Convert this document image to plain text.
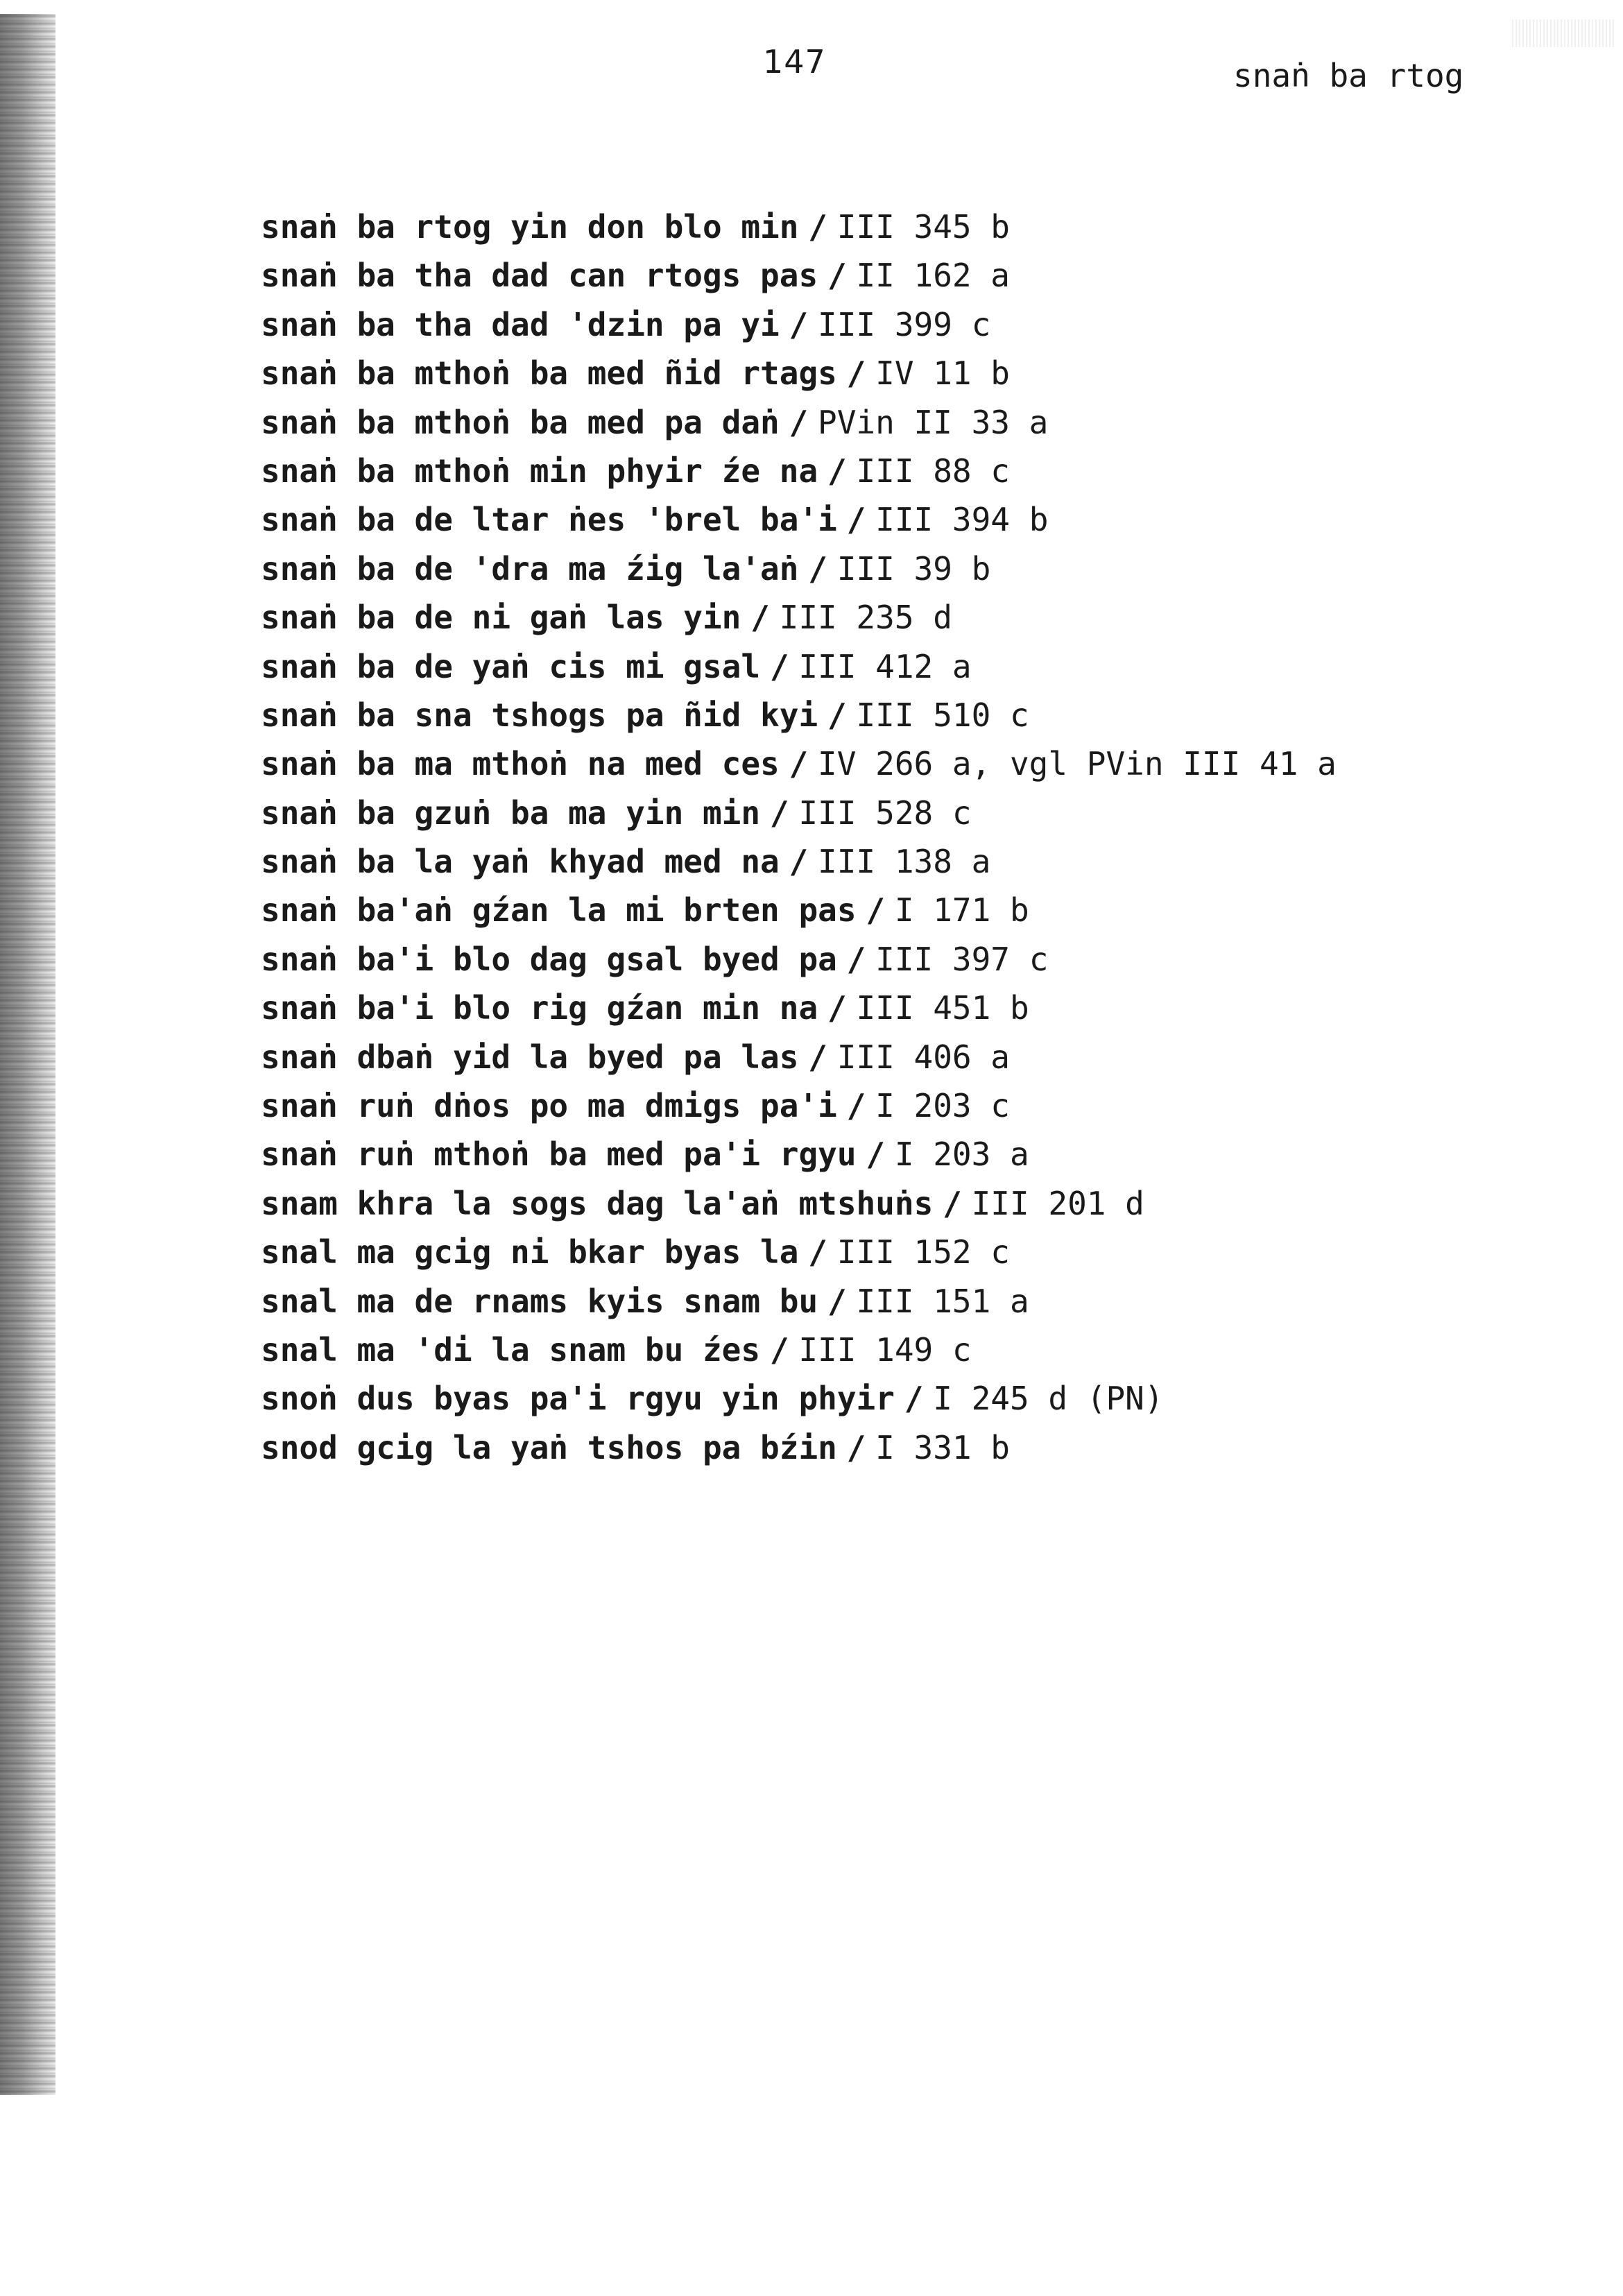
147	snaṅ ba rtog
snaṅ ba rtog yin don blo min / III 345 b
snaṅ ba tha dad can rtogs pas / II 162 a
snaṅ ba tha dad 'dzin pa yi / III 399 c
snaṅ ba mthoṅ ba med ñid rtags / IV 11 b
snaṅ ba mthoṅ ba med pa daṅ / PVin II 33 a
snaṅ ba mthoṅ min phyir źe na / III 88 c
snaṅ ba de ltar ṅes 'brel ba'i / III 394 b
snaṅ ba de 'dra ma źig la'aṅ / III 39 b
snaṅ ba de ni gaṅ las yin / III 235 d
snaṅ ba de yaṅ cis mi gsal / III 412 a
snaṅ ba sna tshogs pa ñid kyi / III 510 c
snaṅ ba ma mthoṅ na med ces / IV 266 a, vgl PVin III 41 a
snaṅ ba gzuṅ ba ma yin min / III 528 c
snaṅ ba la yaṅ khyad med na / III 138 a
snaṅ ba'aṅ gźan la mi brten pas / I 171 b
snaṅ ba'i blo dag gsal byed pa / III 397 c
snaṅ ba'i blo rig gźan min na / III 451 b
snaṅ dbaṅ yid la byed pa las / III 406 a
snaṅ ruṅ dṅos po ma dmigs pa'i / I 203 c
snaṅ ruṅ mthoṅ ba med pa'i rgyu / I 203 a
snam khra la sogs dag la'aṅ mtshuṅs / III 201 d
snal ma gcig ni bkar byas la / III 152 c
snal ma de rnams kyis snam bu / III 151 a
snal ma 'di la snam bu źes / III 149 c
snoṅ dus byas pa'i rgyu yin phyir / I 245 d (PN)
snod gcig la yaṅ tshos pa bźin / I 331 b
